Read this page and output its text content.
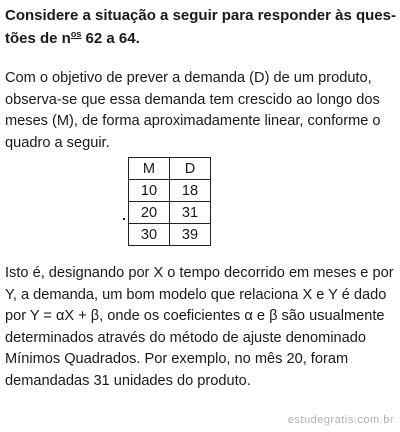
Considere a situação a seguir para responder às ques-
tões de $n^{os}$ 62 a 64.

Com o objetivo de prever a demanda (D) de um produto, observa-se que essa demanda tem crescido ao longo dos meses (M), de forma aproximadamente linear, conforme o quadro a seguir.

M	D
10	18
20	31
30	39

Isto é, designando por X o tempo decorrido em meses e por Y, a demanda, um bom modelo que relaciona X e Y é dado por Y = αX + β, onde os coeficientes α e β são usualmente determinados através do método de ajuste denominado Mínimos Quadrados. Por exemplo, no mês 20, foram demandadas 31 unidades do produto.

estudegratis.com.br
